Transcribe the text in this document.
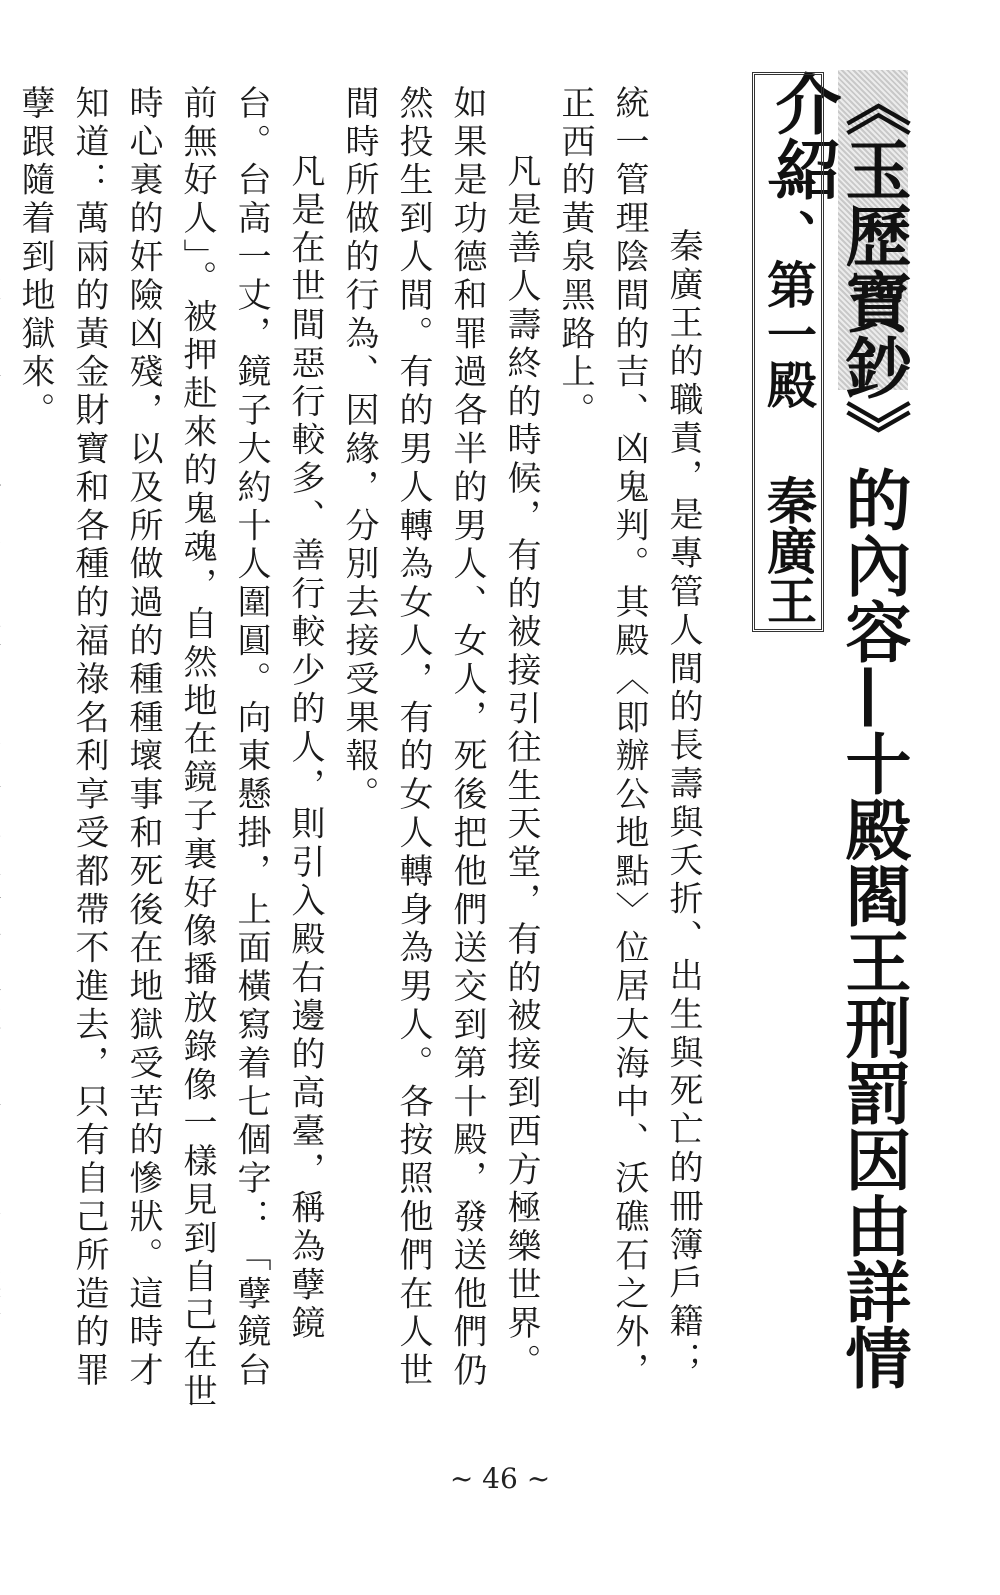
《玉歷寶鈔》的內容—十殿閻王刑罰因由詳情介紹
一、第一殿
秦廣王

秦廣王的職責，是專管人間的長壽與夭折、出生與死亡的冊簿戶籍；統一管理陰間的吉、凶鬼判。其殿〈即辦公地點〉位居大海中、沃礁石之外，正西的黃泉黑路上。

凡是善人壽終的時候，有的被接引往生天堂，有的被接到西方極樂世界。如果是功德和罪過各半的男人、女人，死後把他們送交到第十殿，發送他們仍然投生到人間。有的男人轉為女人，有的女人轉身為男人。各按照他們在人世間時所做的行為、因緣，分別去接受果報。

凡是在世間惡行較多、善行較少的人，則引入殿右邊的高臺，稱為孽鏡台。台高一丈，鏡子大約十人圍圓。向東懸掛，上面橫寫着七個字：「孽鏡台前無好人」。被押赴來的鬼魂，自然地在鏡子裏好像播放錄像一樣見到自己在世時心裏的奸險凶殘，以及所做過的種種壞事和死後在地獄受苦的慘狀。這時才知道：萬兩的黃金財寶和各種的福祿名利享受都帶不進去，只有自己所造的罪孽跟隨着到地獄來。

~ 46 ~
